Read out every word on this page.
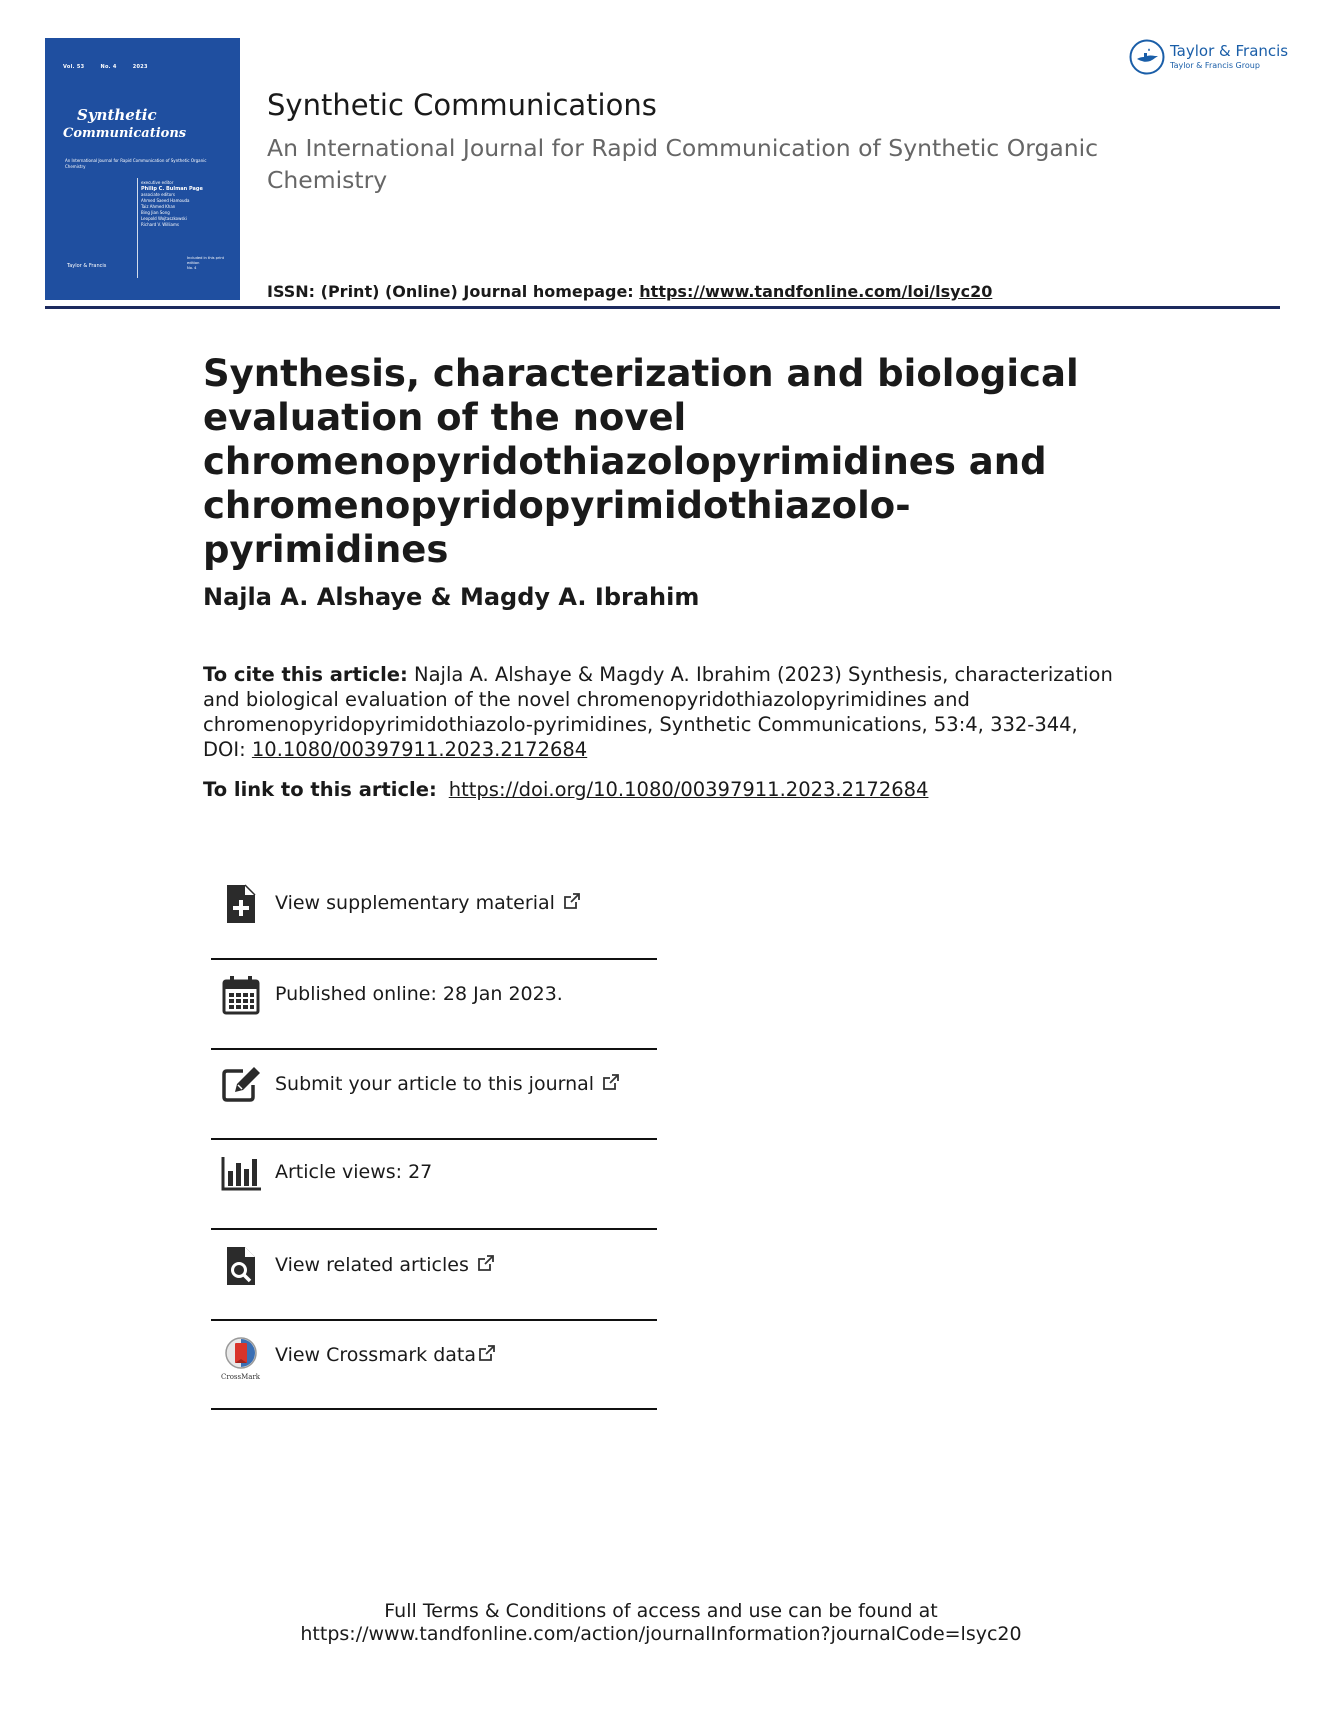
Vol. 53	No. 4	2023
Synthetic
Communications
An International Journal for Rapid Communication of Synthetic Organic Chemistry
executive editor
Philip C. Bulman Page
associate editors
Ahmed Saeed Hamouda
Taiz Ahmed Khan
Bing Jian Song
Leopold Wojtaszkowski
Richard V. Williams
Taylor & Francis
Included in this print edition
No. 4
Synthetic Communications
An International Journal for Rapid Communication of Synthetic Organic Chemistry
ISSN: (Print) (Online) Journal homepage: https://www.tandfonline.com/loi/lsyc20
Taylor & Francis
Taylor & Francis Group
Synthesis, characterization and biological evaluation of the novel chromenopyridothiazolopyrimidines and chromenopyridopyrimidothiazolo-pyrimidines
Najla A. Alshaye & Magdy A. Ibrahim
To cite this article: Najla A. Alshaye & Magdy A. Ibrahim (2023) Synthesis, characterization and biological evaluation of the novel chromenopyridothiazolopyrimidines and chromenopyridopyrimidothiazolo-pyrimidines, Synthetic Communications, 53:4, 332-344, DOI: 10.1080/00397911.2023.2172684
To link to this article: https://doi.org/10.1080/00397911.2023.2172684
View supplementary material
Published online: 28 Jan 2023.
Submit your article to this journal
Article views: 27
View related articles
CrossMark
View Crossmark data
Full Terms & Conditions of access and use can be found at
https://www.tandfonline.com/action/journalInformation?journalCode=lsyc20
